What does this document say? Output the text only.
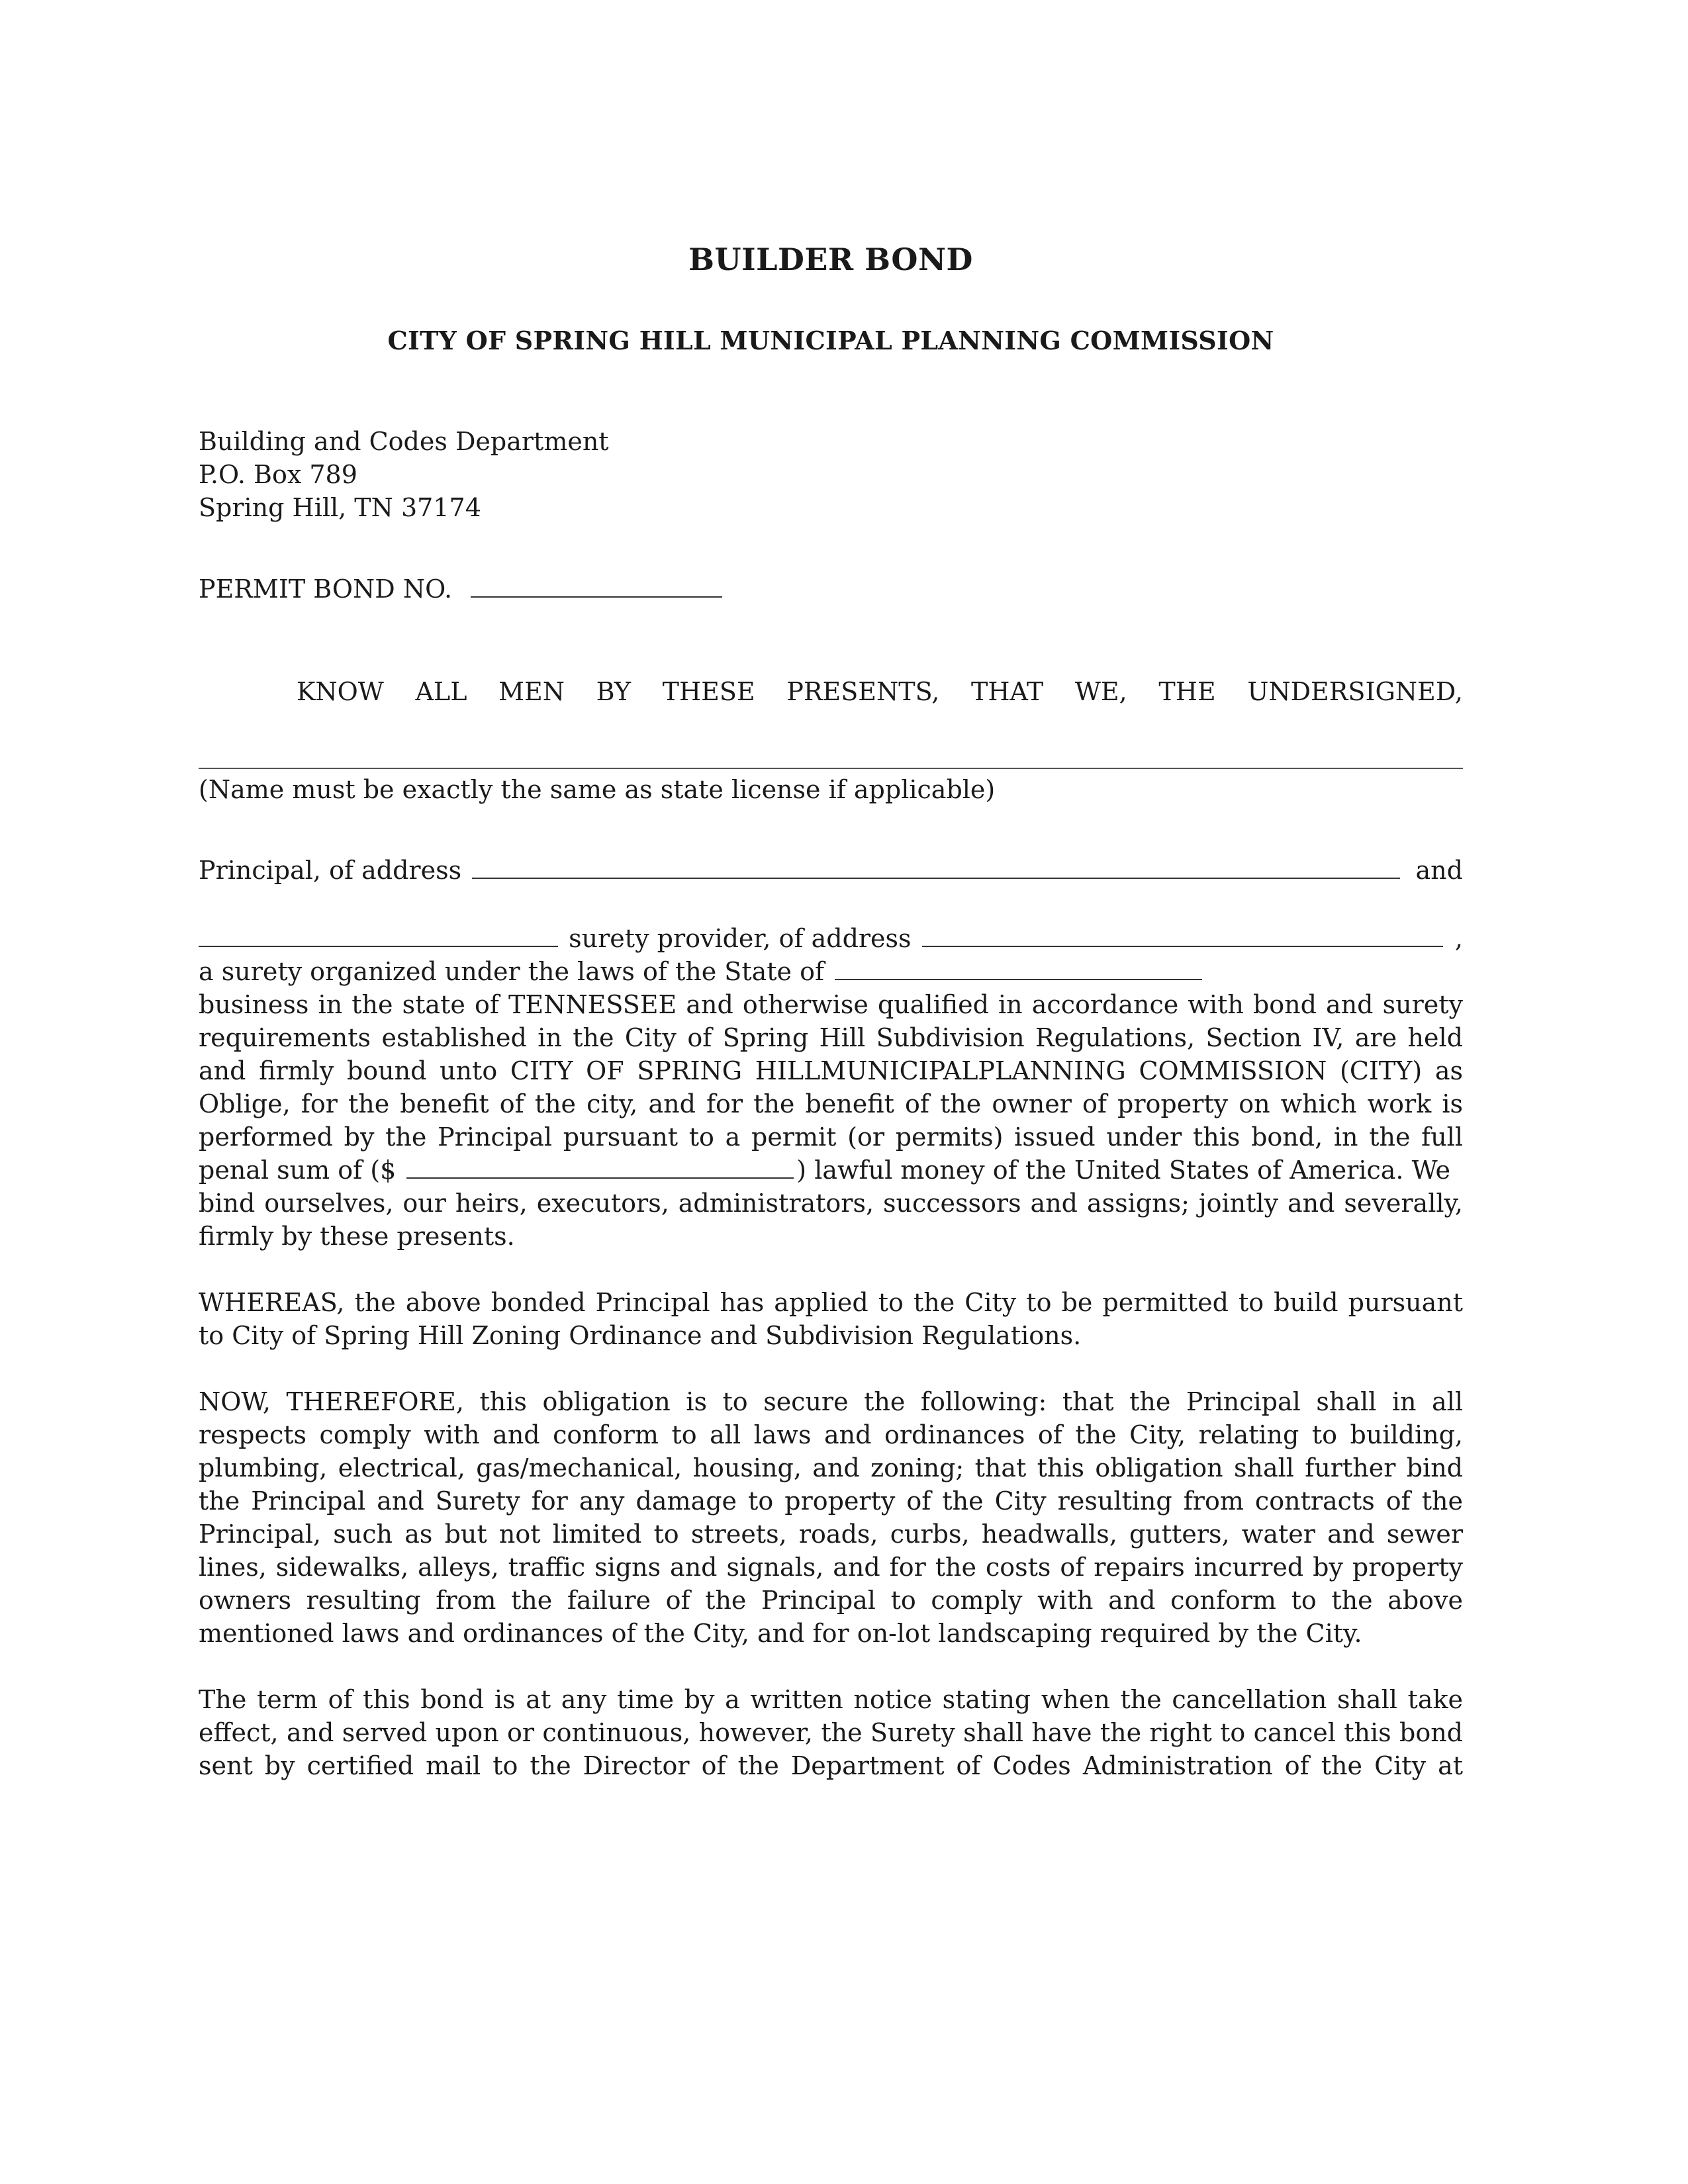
BUILDER BOND
CITY OF SPRING HILL MUNICIPAL PLANNING COMMISSION
Building and Codes Department
P.O. Box 789
Spring Hill, TN 37174
PERMIT BOND NO.
KNOW ALL MEN BY THESE PRESENTS, THAT WE, THE UNDERSIGNED,
(Name must be exactly the same as state license if applicable)
Principal, of address	and
surety provider, of address	,
a surety organized under the laws of the State of
business in the state of TENNESSEE and otherwise qualified in accordance with bond and surety
requirements established in the City of Spring Hill Subdivision Regulations, Section IV, are held
and firmly bound unto CITY OF SPRING HILLMUNICIPALPLANNING COMMISSION (CITY) as
Oblige, for the benefit of the city, and for the benefit of the owner of property on which work is
performed by the Principal pursuant to a permit (or permits) issued under this bond, in the full
penal sum of ($	) lawful money of the United States of America. We
bind ourselves, our heirs, executors, administrators, successors and assigns; jointly and severally,
firmly by these presents.
WHEREAS, the above bonded Principal has applied to the City to be permitted to build pursuant
to City of Spring Hill Zoning Ordinance and Subdivision Regulations.
NOW, THEREFORE, this obligation is to secure the following: that the Principal shall in all
respects comply with and conform to all laws and ordinances of the City, relating to building,
plumbing, electrical, gas/mechanical, housing, and zoning; that this obligation shall further bind
the Principal and Surety for any damage to property of the City resulting from contracts of the
Principal, such as but not limited to streets, roads, curbs, headwalls, gutters, water and sewer
lines, sidewalks, alleys, traffic signs and signals, and for the costs of repairs incurred by property
owners resulting from the failure of the Principal to comply with and conform to the above
mentioned laws and ordinances of the City, and for on-lot landscaping required by the City.
The term of this bond is at any time by a written notice stating when the cancellation shall take
effect, and served upon or continuous, however, the Surety shall have the right to cancel this bond
sent by certified mail to the Director of the Department of Codes Administration of the City at
